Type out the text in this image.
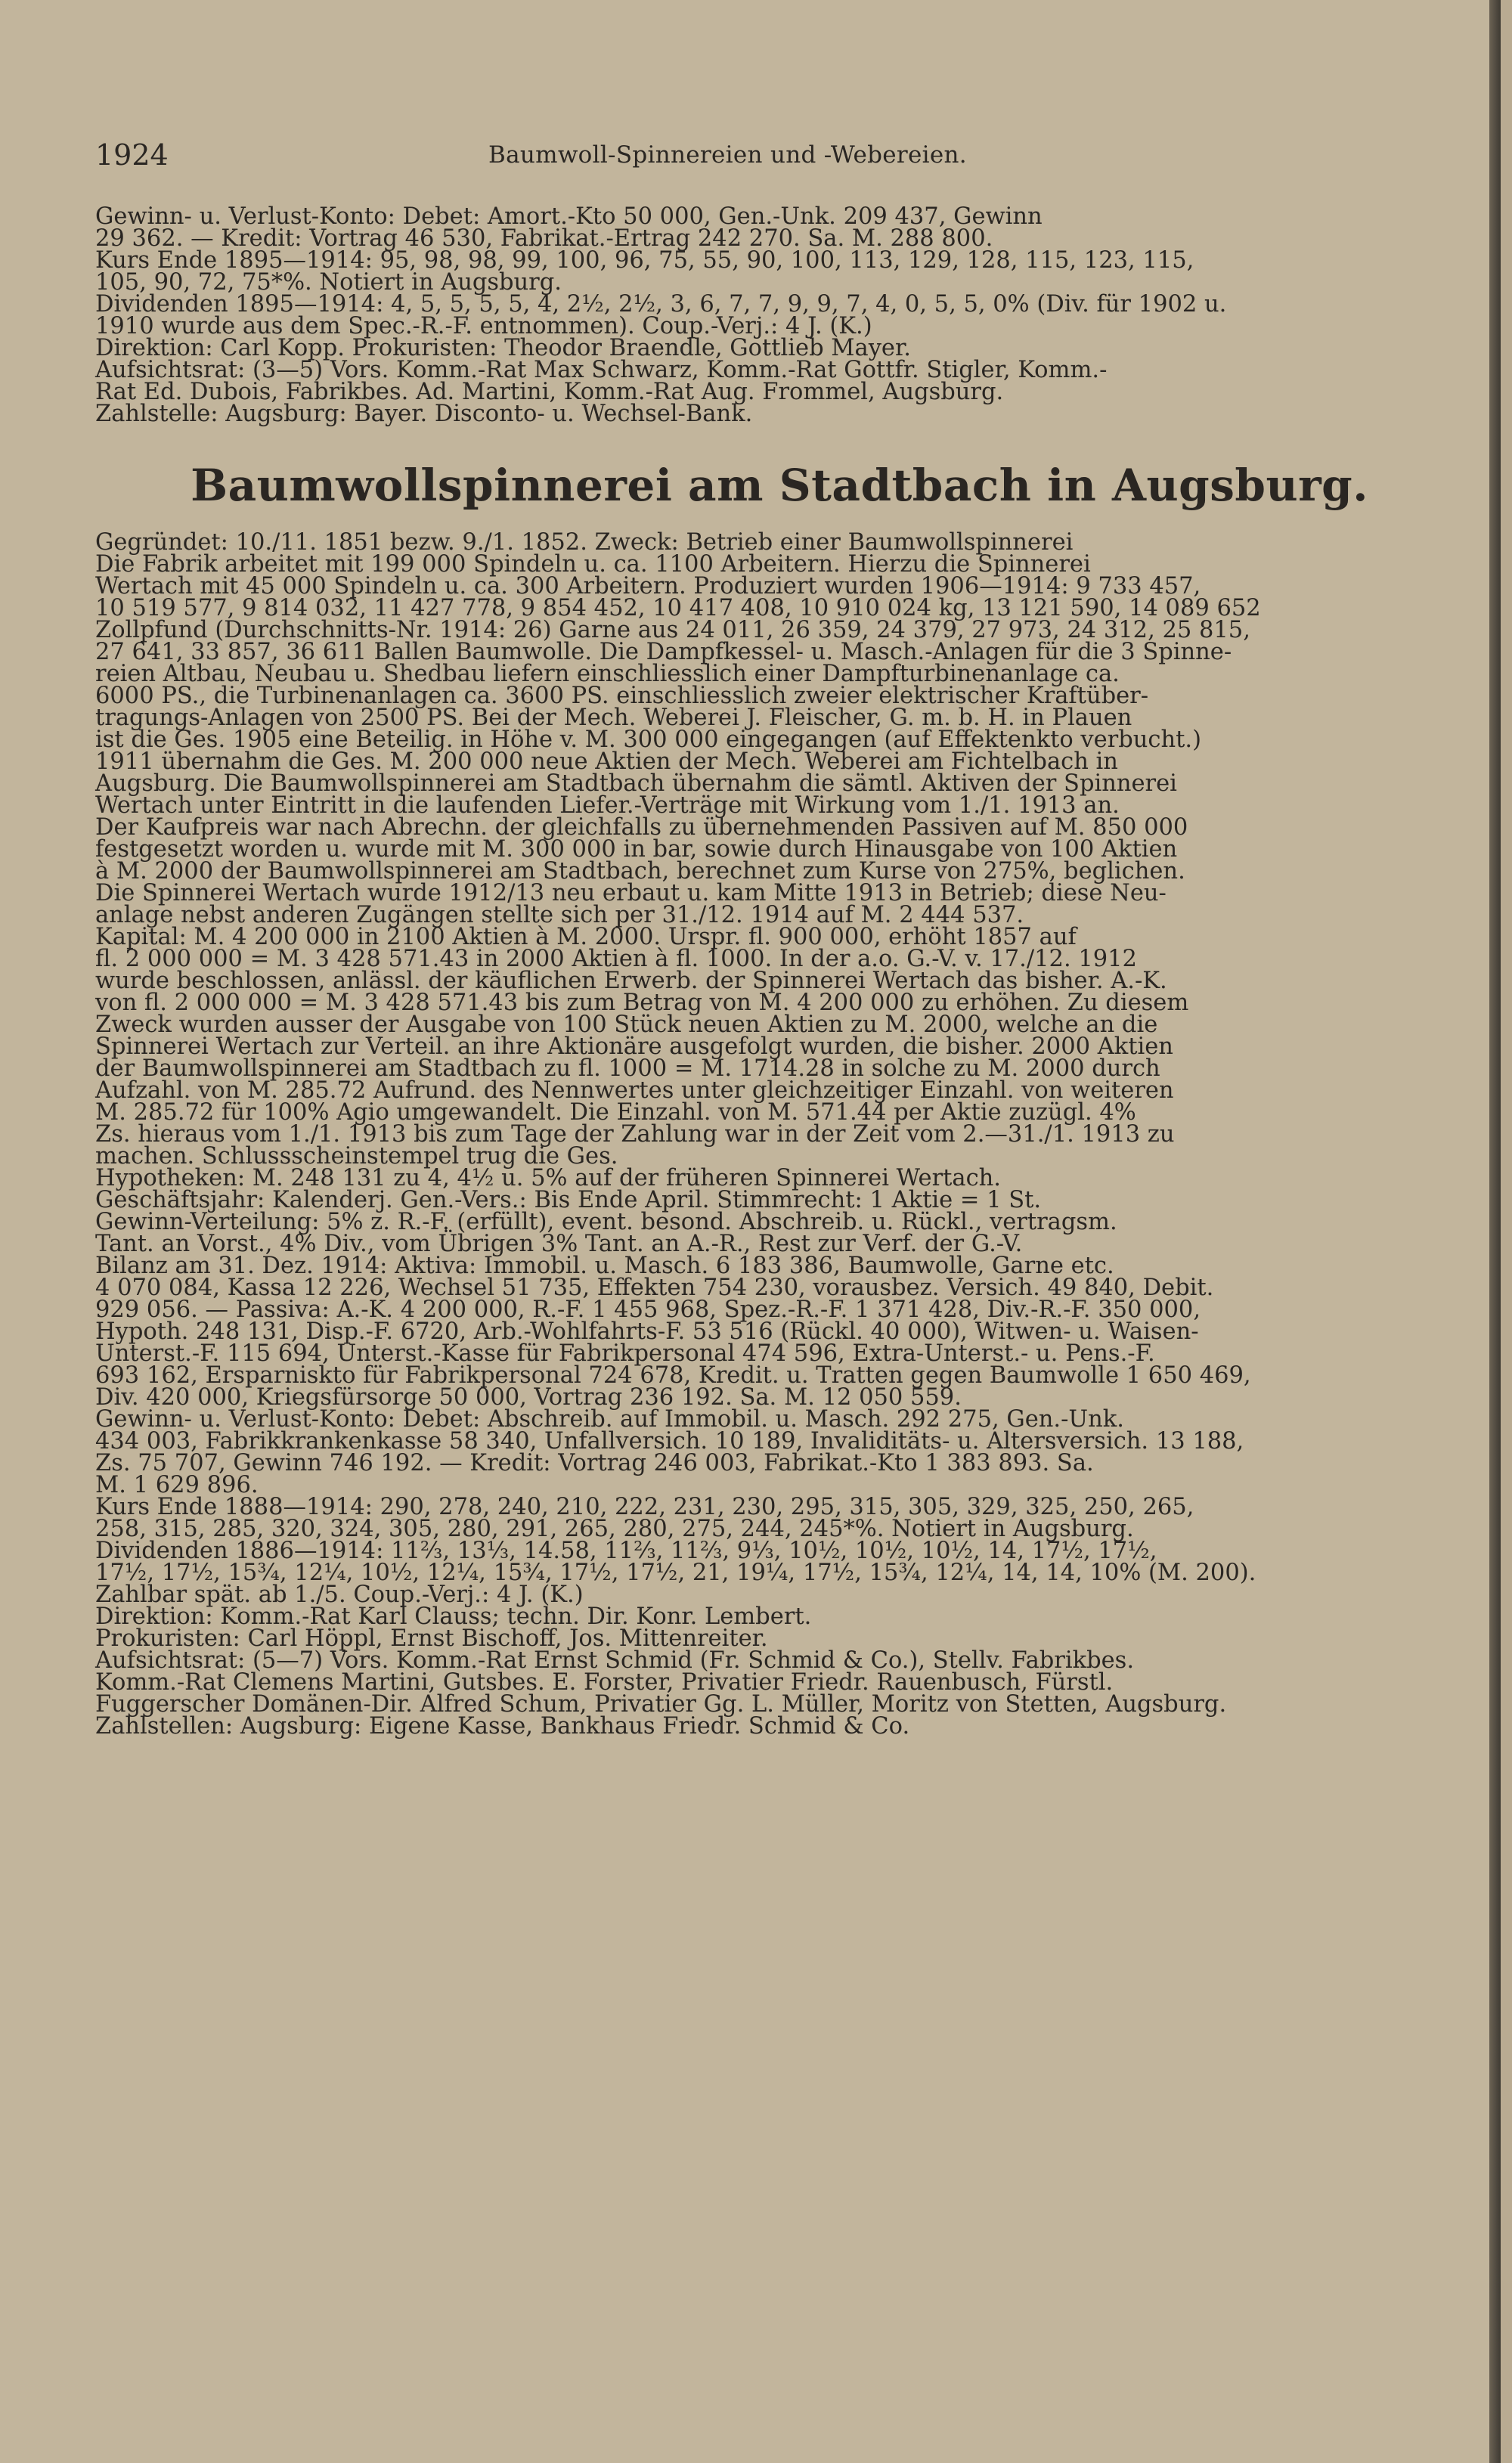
1924	Baumwoll-Spinnereien und -Webereien.

Gewinn- u. Verlust-Konto: Debet: Amort.-Kto 50 000, Gen.-Unk. 209 437, Gewinn

29 362. — Kredit: Vortrag 46 530, Fabrikat.-Ertrag 242 270. Sa. M. 288 800.

Kurs Ende 1895—1914: 95, 98, 98, 99, 100, 96, 75, 55, 90, 100, 113, 129, 128, 115, 123, 115,

105, 90, 72, 75*%. Notiert in Augsburg.

Dividenden 1895—1914: 4, 5, 5, 5, 5, 4, 2½, 2½, 3, 6, 7, 7, 9, 9, 7, 4, 0, 5, 5, 0% (Div. für 1902 u.

1910 wurde aus dem Spec.-R.-F. entnommen). Coup.-Verj.: 4 J. (K.)

Direktion: Carl Kopp. Prokuristen: Theodor Braendle, Gottlieb Mayer.

Aufsichtsrat: (3—5) Vors. Komm.-Rat Max Schwarz, Komm.-Rat Gottfr. Stigler, Komm.-

Rat Ed. Dubois, Fabrikbes. Ad. Martini, Komm.-Rat Aug. Frommel, Augsburg.

Zahlstelle: Augsburg: Bayer. Disconto- u. Wechsel-Bank.

Baumwollspinnerei am Stadtbach in Augsburg.

Gegründet: 10./11. 1851 bezw. 9./1. 1852. Zweck: Betrieb einer Baumwollspinnerei

Die Fabrik arbeitet mit 199 000 Spindeln u. ca. 1100 Arbeitern. Hierzu die Spinnerei

Wertach mit 45 000 Spindeln u. ca. 300 Arbeitern. Produziert wurden 1906—1914: 9 733 457,

10 519 577, 9 814 032, 11 427 778, 9 854 452, 10 417 408, 10 910 024 kg, 13 121 590, 14 089 652

Zollpfund (Durchschnitts-Nr. 1914: 26) Garne aus 24 011, 26 359, 24 379, 27 973, 24 312, 25 815,

27 641, 33 857, 36 611 Ballen Baumwolle. Die Dampfkessel- u. Masch.-Anlagen für die 3 Spinne-

reien Altbau, Neubau u. Shedbau liefern einschliesslich einer Dampfturbinenanlage ca.

6000 PS., die Turbinenanlagen ca. 3600 PS. einschliesslich zweier elektrischer Kraftüber-

tragungs-Anlagen von 2500 PS. Bei der Mech. Weberei J. Fleischer, G. m. b. H. in Plauen

ist die Ges. 1905 eine Beteilig. in Höhe v. M. 300 000 eingegangen (auf Effektenkto verbucht.)

1911 übernahm die Ges. M. 200 000 neue Aktien der Mech. Weberei am Fichtelbach in

Augsburg. Die Baumwollspinnerei am Stadtbach übernahm die sämtl. Aktiven der Spinnerei

Wertach unter Eintritt in die laufenden Liefer.-Verträge mit Wirkung vom 1./1. 1913 an.

Der Kaufpreis war nach Abrechn. der gleichfalls zu übernehmenden Passiven auf M. 850 000

festgesetzt worden u. wurde mit M. 300 000 in bar, sowie durch Hinausgabe von 100 Aktien

à M. 2000 der Baumwollspinnerei am Stadtbach, berechnet zum Kurse von 275%, beglichen.

Die Spinnerei Wertach wurde 1912/13 neu erbaut u. kam Mitte 1913 in Betrieb; diese Neu-

anlage nebst anderen Zugängen stellte sich per 31./12. 1914 auf M. 2 444 537.

Kapital: M. 4 200 000 in 2100 Aktien à M. 2000. Urspr. fl. 900 000, erhöht 1857 auf

fl. 2 000 000 = M. 3 428 571.43 in 2000 Aktien à fl. 1000. In der a.o. G.-V. v. 17./12. 1912

wurde beschlossen, anlässl. der käuflichen Erwerb. der Spinnerei Wertach das bisher. A.-K.

von fl. 2 000 000 = M. 3 428 571.43 bis zum Betrag von M. 4 200 000 zu erhöhen. Zu diesem

Zweck wurden ausser der Ausgabe von 100 Stück neuen Aktien zu M. 2000, welche an die

Spinnerei Wertach zur Verteil. an ihre Aktionäre ausgefolgt wurden, die bisher. 2000 Aktien

der Baumwollspinnerei am Stadtbach zu fl. 1000 = M. 1714.28 in solche zu M. 2000 durch

Aufzahl. von M. 285.72 Aufrund. des Nennwertes unter gleichzeitiger Einzahl. von weiteren

M. 285.72 für 100% Agio umgewandelt. Die Einzahl. von M. 571.44 per Aktie zuzügl. 4%

Zs. hieraus vom 1./1. 1913 bis zum Tage der Zahlung war in der Zeit vom 2.—31./1. 1913 zu

machen. Schlussscheinstempel trug die Ges.

Hypotheken: M. 248 131 zu 4, 4½ u. 5% auf der früheren Spinnerei Wertach.

Geschäftsjahr: Kalenderj. Gen.-Vers.: Bis Ende April. Stimmrecht: 1 Aktie = 1 St.

Gewinn-Verteilung: 5% z. R.-F. (erfüllt), event. besond. Abschreib. u. Rückl., vertragsm.

Tant. an Vorst., 4% Div., vom Übrigen 3% Tant. an A.-R., Rest zur Verf. der G.-V.

Bilanz am 31. Dez. 1914: Aktiva: Immobil. u. Masch. 6 183 386, Baumwolle, Garne etc.

4 070 084, Kassa 12 226, Wechsel 51 735, Effekten 754 230, vorausbez. Versich. 49 840, Debit.

929 056. — Passiva: A.-K. 4 200 000, R.-F. 1 455 968, Spez.-R.-F. 1 371 428, Div.-R.-F. 350 000,

Hypoth. 248 131, Disp.-F. 6720, Arb.-Wohlfahrts-F. 53 516 (Rückl. 40 000), Witwen- u. Waisen-

Unterst.-F. 115 694, Unterst.-Kasse für Fabrikpersonal 474 596, Extra-Unterst.- u. Pens.-F.

693 162, Ersparniskto für Fabrikpersonal 724 678, Kredit. u. Tratten gegen Baumwolle 1 650 469,

Div. 420 000, Kriegsfürsorge 50 000, Vortrag 236 192. Sa. M. 12 050 559.

Gewinn- u. Verlust-Konto: Debet: Abschreib. auf Immobil. u. Masch. 292 275, Gen.-Unk.

434 003, Fabrikkrankenkasse 58 340, Unfallversich. 10 189, Invaliditäts- u. Altersversich. 13 188,

Zs. 75 707, Gewinn 746 192. — Kredit: Vortrag 246 003, Fabrikat.-Kto 1 383 893. Sa.

M. 1 629 896.

Kurs Ende 1888—1914: 290, 278, 240, 210, 222, 231, 230, 295, 315, 305, 329, 325, 250, 265,

258, 315, 285, 320, 324, 305, 280, 291, 265, 280, 275, 244, 245*%. Notiert in Augsburg.

Dividenden 1886—1914: 11⅔, 13⅓, 14.58, 11⅔, 11⅔, 9⅓, 10½, 10½, 10½, 14, 17½, 17½,

17½, 17½, 15¾, 12¼, 10½, 12¼, 15¾, 17½, 17½, 21, 19¼, 17½, 15¾, 12¼, 14, 14, 10% (M. 200).

Zahlbar spät. ab 1./5. Coup.-Verj.: 4 J. (K.)

Direktion: Komm.-Rat Karl Clauss; techn. Dir. Konr. Lembert.

Prokuristen: Carl Höppl, Ernst Bischoff, Jos. Mittenreiter.

Aufsichtsrat: (5—7) Vors. Komm.-Rat Ernst Schmid (Fr. Schmid & Co.), Stellv. Fabrikbes.

Komm.-Rat Clemens Martini, Gutsbes. E. Forster, Privatier Friedr. Rauenbusch, Fürstl.

Fuggerscher Domänen-Dir. Alfred Schum, Privatier Gg. L. Müller, Moritz von Stetten, Augsburg.

Zahlstellen: Augsburg: Eigene Kasse, Bankhaus Friedr. Schmid & Co.
